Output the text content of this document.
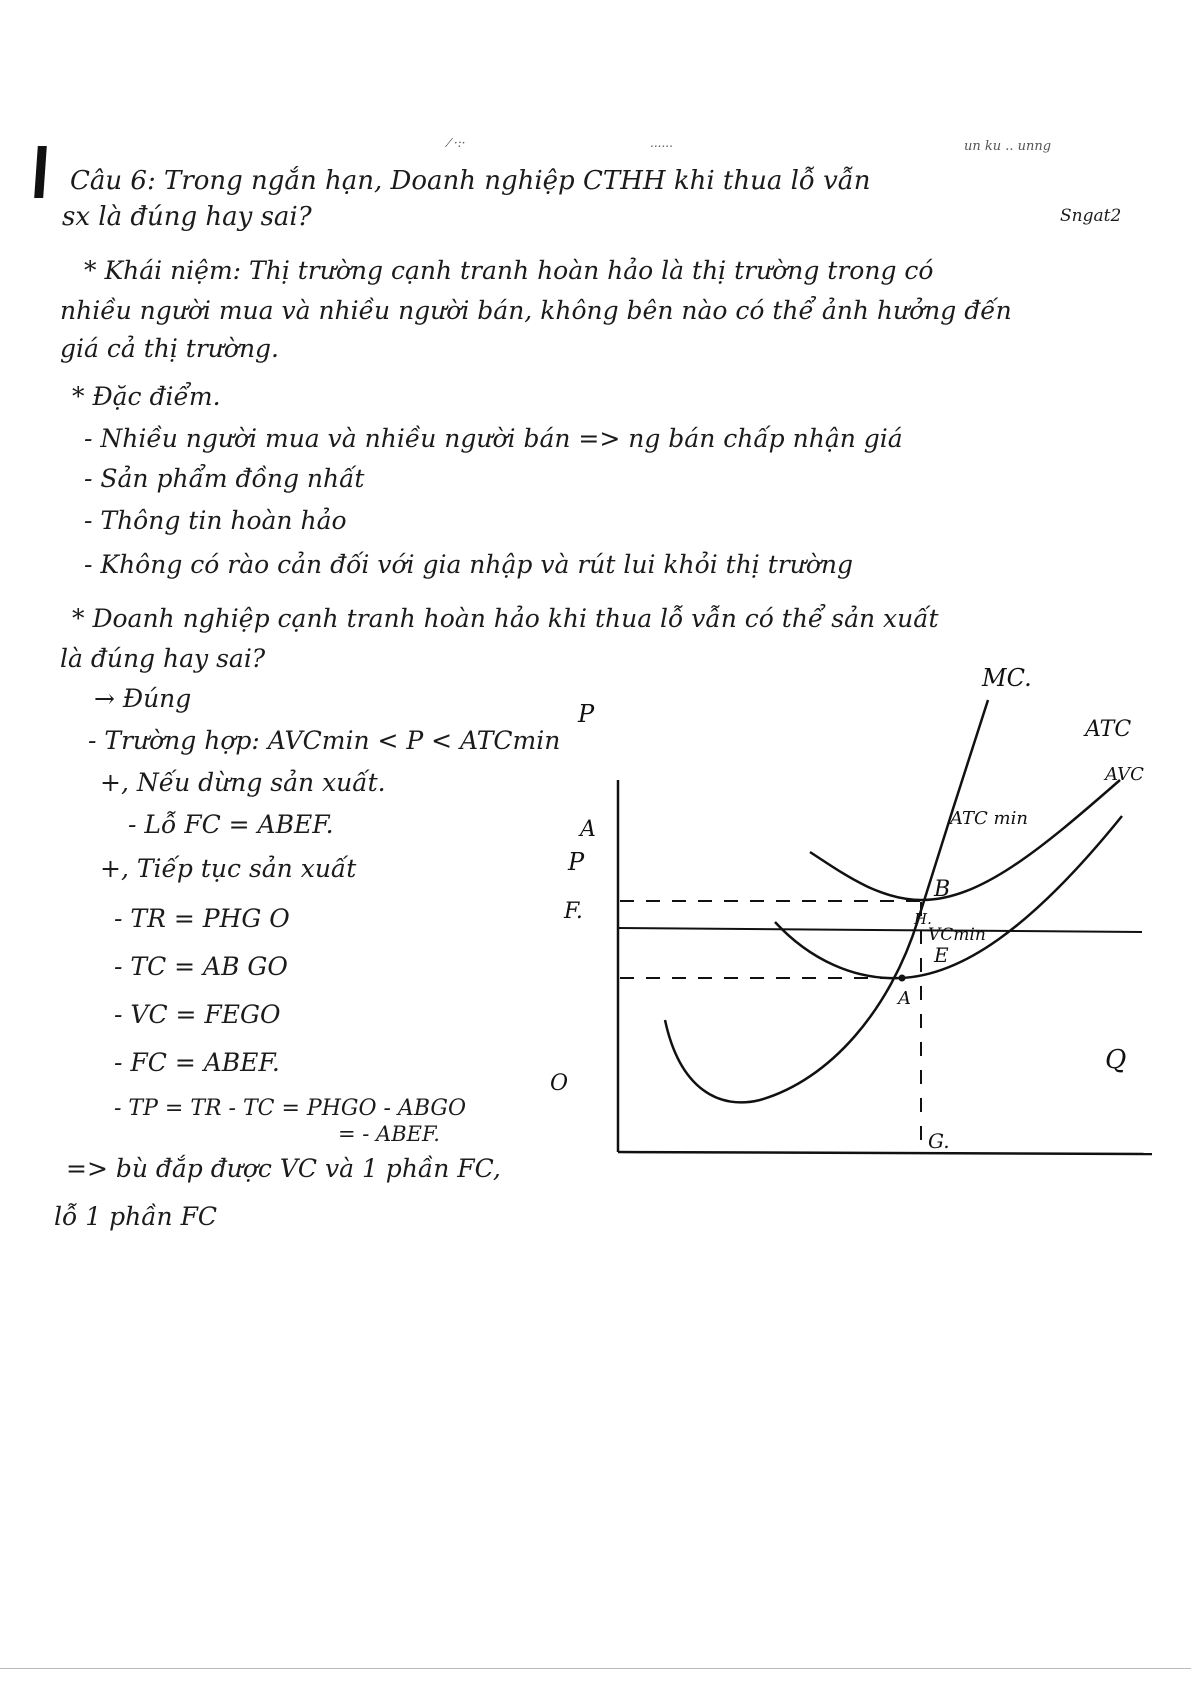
⁄ ·:·	......	un ku .. unng
Sngat2
Câu 6: Trong ngắn hạn, Doanh nghiệp CTHH khi thua lỗ vẫn
sx là đúng hay sai?
* Khái niệm: Thị trường cạnh tranh hoàn hảo là thị trường trong có
nhiều người mua và nhiều người bán, không bên nào có thể ảnh hưởng đến
giá cả thị trường.
* Đặc điểm.
- Nhiều người mua và nhiều người bán => ng bán chấp nhận giá
- Sản phẩm đồng nhất
- Thông tin hoàn hảo
- Không có rào cản đối với gia nhập và rút lui khỏi thị trường
* Doanh nghiệp cạnh tranh hoàn hảo khi thua lỗ vẫn có thể sản xuất
là đúng hay sai?
→ Đúng
- Trường hợp: AVCmin < P < ATCmin
+, Nếu dừng sản xuất.
- Lỗ FC = ABEF.
+, Tiếp tục sản xuất
- TR = PHG O
- TC = AB GO
- VC = FEGO
- FC = ABEF.
- TP = TR - TC = PHGO - ABGO
= - ABEF.
=> bù đắp được VC và 1 phần FC,
lỗ 1 phần FC
P
Q
O
MC.
ATC
AVC
ATC min
VCmin
A
P
F.
B
H.
E
A
G.
